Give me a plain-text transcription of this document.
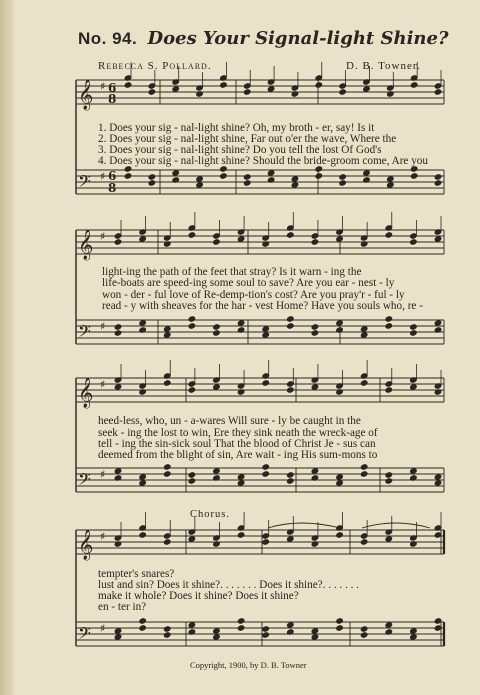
No. 94. Does Your Signal-light Shine?
Rebecca S. Pollard.	D. B. Towner.
𝄞
𝄢
♯ 6
8
♯ 6
8
𝄞
𝄢
♯
♯
𝄞
𝄢
♯
♯
𝄞
𝄢
♯
♯
1. Does your sig - nal-light shine? Oh, my broth - er, say! Is it
2. Does your sig - nal-light shine, Far out o'er the wave, Where the
3. Does your sig - nal-light shine? Do you tell the lost Of God's
4. Does your sig - nal-light shine? Should the bride-groom come, Are you
light-ing the path of the feet that stray? Is it warn - ing the
life-boats are speed-ing some soul to save? Are you ear - nest - ly
won - der - ful love of Re-demp-tion's cost? Are you pray'r - ful - ly
read - y with sheaves for the har - vest Home? Have you souls who, re -
heed-less, who, un - a-wares Will sure - ly be caught in the
seek - ing the lost to win, Ere they sink neath the wreck-age of
tell - ing the sin-sick soul That the blood of Christ Je - sus can
deemed from the blight of sin, Are wait - ing His sum-mons to
Chorus.
tempter's snares?
lust and sin? Does it shine?. . . . . . . Does it shine?. . . . . . .
make it whole? Does it shine? Does it shine?
en - ter in?
Copyright, 1900, by D. B. Towner
